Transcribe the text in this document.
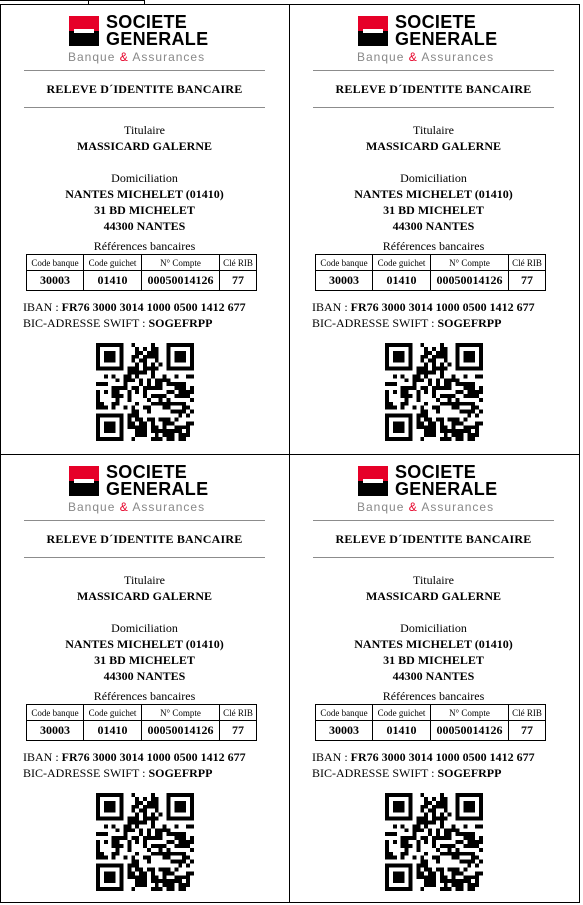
SOCIETE
GENERALE
Banque & Assurances
RELEVE D´IDENTITE BANCAIRE
Titulaire
MASSICARD GALERNE
Domiciliation
NANTES MICHELET (01410)
31 BD MICHELET
44300 NANTES
Références bancaires
Code banque	Code guichet	N° Compte	Clé RIB
30003	01410	00050014126	77
IBAN : FR76 3000 3014 1000 0500 1412 677
BIC-ADRESSE SWIFT : SOGEFRPP
SOCIETE
GENERALE
Banque & Assurances
RELEVE D´IDENTITE BANCAIRE
Titulaire
MASSICARD GALERNE
Domiciliation
NANTES MICHELET (01410)
31 BD MICHELET
44300 NANTES
Références bancaires
Code banque	Code guichet	N° Compte	Clé RIB
30003	01410	00050014126	77
IBAN : FR76 3000 3014 1000 0500 1412 677
BIC-ADRESSE SWIFT : SOGEFRPP
SOCIETE
GENERALE
Banque & Assurances
RELEVE D´IDENTITE BANCAIRE
Titulaire
MASSICARD GALERNE
Domiciliation
NANTES MICHELET (01410)
31 BD MICHELET
44300 NANTES
Références bancaires
Code banque	Code guichet	N° Compte	Clé RIB
30003	01410	00050014126	77
IBAN : FR76 3000 3014 1000 0500 1412 677
BIC-ADRESSE SWIFT : SOGEFRPP
SOCIETE
GENERALE
Banque & Assurances
RELEVE D´IDENTITE BANCAIRE
Titulaire
MASSICARD GALERNE
Domiciliation
NANTES MICHELET (01410)
31 BD MICHELET
44300 NANTES
Références bancaires
Code banque	Code guichet	N° Compte	Clé RIB
30003	01410	00050014126	77
IBAN : FR76 3000 3014 1000 0500 1412 677
BIC-ADRESSE SWIFT : SOGEFRPP
